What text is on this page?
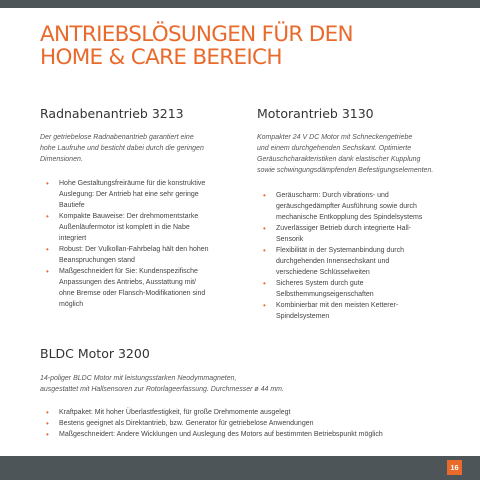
ANTRIEBSLÖSUNGEN FÜR DEN
HOME & CARE BEREICH
Radnabenantrieb 3213

Der getriebelose Radnabenantrieb garantiert eine
hohe Laufruhe und besticht dabei durch die geringen
Dimensionen.

• Hohe Gestaltungsfreiräume für die konstruktive
Auslegung: Der Antrieb hat eine sehr geringe
Bautiefe
• Kompakte Bauweise: Der drehmomentstarke
Außenläufermotor ist komplett in die Nabe
integriert
• Robust: Der Vulkollan-Fahrbelag hält den hohen
Beanspruchungen stand
• Maßgeschneidert für Sie: Kundenspezifische
Anpassungen des Antriebs, Ausstattung mit/
ohne Bremse oder Flansch-Modifikationen sind
möglich
Motorantrieb 3130

Kompakter 24 V DC Motor mit Schneckengetriebe
und einem durchgehenden Sechskant. Optimierte
Geräuschcharakteristiken dank elastischer Kupplung
sowie schwingungsdämpfenden Befestigungselementen.

• Geräuscharm: Durch vibrations- und
geräuschgedämpfter Ausführung sowie durch
mechanische Entkopplung des Spindelsystems
• Zuverlässiger Betrieb durch integrierte Hall-
Sensorik
• Flexibilität in der Systemanbindung durch
durchgehenden Innensechskant und
verschiedene Schlüsselweiten
• Sicheres System durch gute
Selbsthemmungseigenschaften
• Kombinierbar mit den meisten Ketterer-
Spindelsystemen
BLDC Motor 3200

14-poliger BLDC Motor mit leistungsstarken Neodymmagneten,
ausgestattet mit Hallsensoren zur Rotorlageerfassung. Durchmesser ø 44 mm.

• Kraftpaket: Mit hoher Überlastfestigkeit, für große Drehmomente ausgelegt
• Bestens geeignet als Direktantrieb, bzw. Generator für getriebelose Anwendungen
• Maßgeschneidert: Andere Wicklungen und Auslegung des Motors auf bestimmten Betriebspunkt möglich
16
